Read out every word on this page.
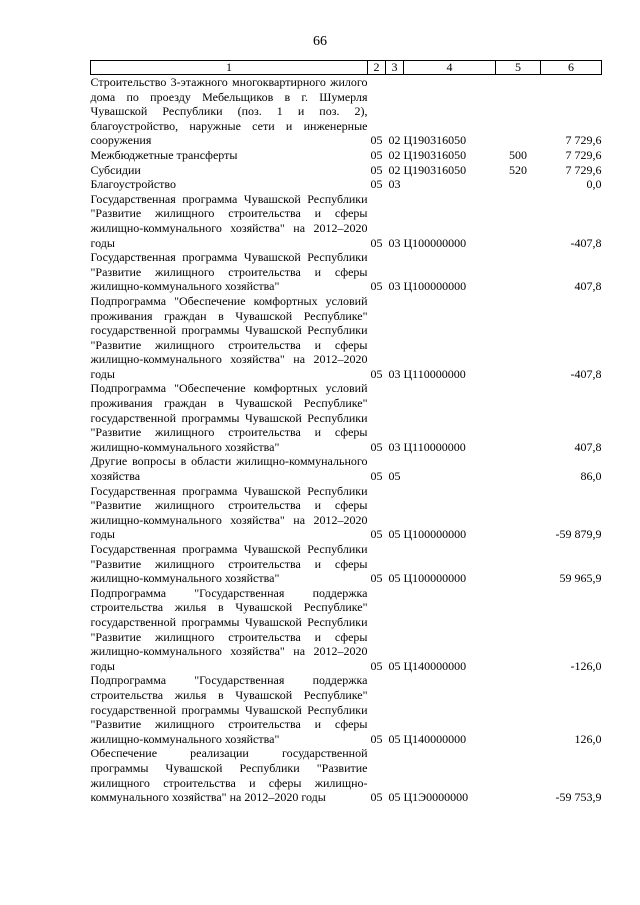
66
1	2	3	4	5	6
Строительство 3-этажного многоквартирного жилого дома по проезду Мебельщиков в г. Шумерля Чувашской Республики (поз. 1 и поз. 2), благоустройство, наружные сети и инженерные сооружения	05	02	Ц190316050		7 729,6
Межбюджетные трансферты	05	02	Ц190316050	500	7 729,6
Субсидии	05	02	Ц190316050	520	7 729,6
Благоустройство	05	03			0,0
Государственная программа Чувашской Республики "Развитие жилищного строительства и сферы жилищно-коммунального хозяйства" на 2012–2020 годы	05	03	Ц100000000		-407,8
Государственная программа Чувашской Республики "Развитие жилищного строительства и сферы жилищно-коммунального хозяйства"	05	03	Ц100000000		407,8
Подпрограмма "Обеспечение комфортных условий проживания граждан в Чувашской Республике" государственной программы Чувашской Республики "Развитие жилищного строительства и сферы жилищно-коммунального хозяйства" на 2012–2020 годы	05	03	Ц110000000		-407,8
Подпрограмма "Обеспечение комфортных условий проживания граждан в Чувашской Республике" государственной программы Чувашской Республики "Развитие жилищного строительства и сферы жилищно-коммунального хозяйства"	05	03	Ц110000000		407,8
Другие вопросы в области жилищно-коммунального хозяйства	05	05			86,0
Государственная программа Чувашской Республики "Развитие жилищного строительства и сферы жилищно-коммунального хозяйства" на 2012–2020 годы	05	05	Ц100000000		-59 879,9
Государственная программа Чувашской Республики "Развитие жилищного строительства и сферы жилищно-коммунального хозяйства"	05	05	Ц100000000		59 965,9
Подпрограмма "Государственная поддержка строительства жилья в Чувашской Республике" государственной программы Чувашской Республики "Развитие жилищного строительства и сферы жилищно-коммунального хозяйства" на 2012–2020 годы	05	05	Ц140000000		-126,0
Подпрограмма "Государственная поддержка строительства жилья в Чувашской Республике" государственной программы Чувашской Республики "Развитие жилищного строительства и сферы жилищно-коммунального хозяйства"	05	05	Ц140000000		126,0
Обеспечение реализации государственной программы Чувашской Республики "Развитие жилищного строительства и сферы жилищно-коммунального хозяйства" на 2012–2020 годы	05	05	Ц1Э0000000		-59 753,9
